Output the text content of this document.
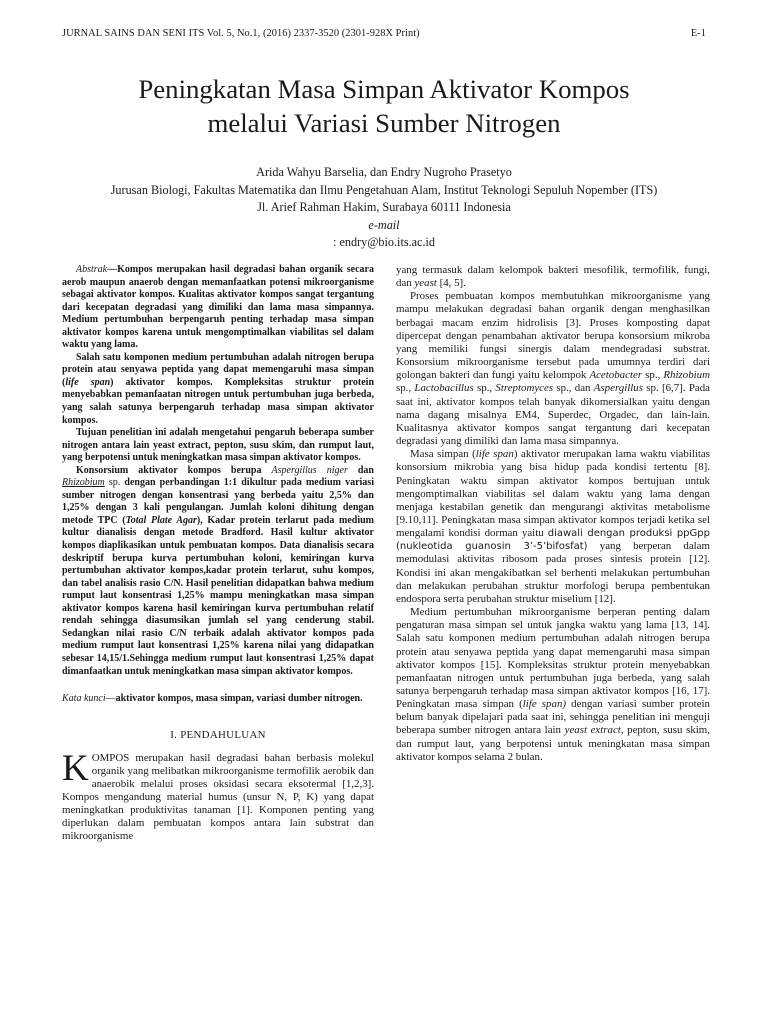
JURNAL SAINS DAN SENI ITS Vol. 5, No.1, (2016) 2337-3520 (2301-928X Print)	E-1
Peningkatan Masa Simpan Aktivator Kompos
melalui Variasi Sumber Nitrogen
Arida Wahyu Barselia, dan Endry Nugroho Prasetyo
Jurusan Biologi, Fakultas Matematika dan Ilmu Pengetahuan Alam, Institut Teknologi Sepuluh Nopember (ITS)
Jl. Arief Rahman Hakim, Surabaya 60111 Indonesia
e-mail
: endry@bio.its.ac.id

Abstrak—Kompos merupakan hasil degradasi bahan organik secara aerob maupun anaerob dengan memanfaatkan potensi mikroorganisme sebagai aktivator kompos. Kualitas aktivator kompos sangat tergantung dari kecepatan degradasi yang dimiliki dan lama masa simpannya. Medium pertumbuhan berpengaruh penting terhadap masa simpan aktivator kompos karena untuk mengomptimalkan viabilitas sel dalam waktu yang lama.

Salah satu komponen medium pertumbuhan adalah nitrogen berupa protein atau senyawa peptida yang dapat memengaruhi masa simpan (life span) aktivator kompos. Kompleksitas struktur protein menyebabkan pemanfaatan nitrogen untuk pertumbuhan juga berbeda, yang salah satunya berpengaruh terhadap masa simpan aktivator kompos.

Tujuan penelitian ini adalah mengetahui pengaruh beberapa sumber nitrogen antara lain yeast extract, pepton, susu skim, dan rumput laut, yang berpotensi untuk meningkatkan masa simpan aktivator kompos.

Konsorsium aktivator kompos berupa Aspergillus niger dan Rhizobium sp. dengan perbandingan 1:1 dikultur pada medium variasi sumber nitrogen dengan konsentrasi yang berbeda yaitu 2,5% dan 1,25% dengan 3 kali pengulangan. Jumlah koloni dihitung dengan metode TPC (Total Plate Agar), Kadar protein terlarut pada medium kultur dianalisis dengan metode Bradford. Hasil kultur aktivator kompos diaplikasikan untuk pembuatan kompos. Data dianalisis secara deskriptif berupa kurva pertumbuhan koloni, kemiringan kurva pertumbuhan aktivator kompos,kadar protein terlarut, suhu kompos, dan tabel analisis rasio C/N. Hasil penelitian didapatkan bahwa medium rumput laut konsentrasi 1,25% mampu meningkatkan masa simpan aktivator kompos karena hasil kemiringan kurva pertumbuhan relatif rendah sehingga diasumsikan jumlah sel yang cenderung stabil. Sedangkan nilai rasio C/N terbaik adalah aktivator kompos pada medium rumput laut konsentrasi 1,25% karena nilai yang didapatkan sebesar 14,15/1.Sehingga medium rumput laut konsentrasi 1,25% dapat dimanfaatkan untuk meningkatkan masa simpan aktivator kompos.

Kata kunci—aktivator kompos, masa simpan, variasi dumber nitrogen.
I. PENDAHULUAN

KOMPOS merupakan hasil degradasi bahan berbasis molekul organik yang melibatkan mikroorganisme termofilik aerobik dan anaerobik melalui proses oksidasi secara eksotermal [1,2,3]. Kompos mengandung material humus (unsur N, P, K) yang dapat meningkatkan produktivitas tanaman [1]. Komponen penting yang diperlukan dalam pembuatan kompos antara lain substrat dan mikroorganisme

yang termasuk dalam kelompok bakteri mesofilik, termofilik, fungi, dan yeast [4, 5].

Proses pembuatan kompos membutuhkan mikroorganisme yang mampu melakukan degradasi bahan organik dengan menghasilkan berbagai macam enzim hidrolisis [3]. Proses komposting dapat dipercepat dengan penambahan aktivator berupa konsorsium mikroba yang memiliki fungsi sinergis dalam mendegradasi substrat. Konsorsium mikroorganisme tersebut pada umumnya terdiri dari golongan bakteri dan fungi yaitu kelompok Acetobacter sp., Rhizobium sp., Lactobacillus sp., Streptomyces sp., dan Aspergillus sp. [6,7]. Pada saat ini, aktivator kompos telah banyak dikomersialkan yaitu dengan nama dagang misalnya EM4, Superdec, Orgadec, dan lain-lain. Kualitasnya aktivator kompos sangat tergantung dari kecepatan degradasi yang dimiliki dan lama masa simpannya.

Masa simpan (life span) aktivator merupakan lama waktu viabilitas konsorsium mikrobia yang bisa hidup pada kondisi tertentu [8]. Peningkatan waktu simpan aktivator kompos bertujuan untuk mengomptimalkan viabilitas sel dalam waktu yang lama dengan menjaga kestabilan genetik dan mengurangi aktivitas metabolisme [9.10,11]. Peningkatan masa simpan aktivator kompos terjadi ketika sel mengalami kondisi dorman yaitu diawali dengan produksi ppGpp (nukleotida guanosin 3’-5’bifosfat) yang berperan dalam memodulasi aktivitas ribosom pada proses sintesis protein [12]. Kondisi ini akan mengakibatkan sel berhenti melakukan pertumbuhan dan melakukan perubahan struktur morfologi berupa pembentukan endospora serta perubahan struktur miselium [12].

Medium pertumbuhan mikroorganisme berperan penting dalam pengaturan masa simpan sel untuk jangka waktu yang lama [13, 14]. Salah satu komponen medium pertumbuhan adalah nitrogen berupa protein atau senyawa peptida yang dapat memengaruhi masa simpan aktivator kompos [15]. Kompleksitas struktur protein menyebabkan pemanfaatan nitrogen untuk pertumbuhan juga berbeda, yang salah satunya berpengaruh terhadap masa simpan aktivator kompos [16, 17]. Peningkatan masa simpan (life span) dengan variasi sumber protein belum banyak dipelajari pada saat ini, sehingga penelitian ini menguji beberapa sumber nitrogen antara lain yeast extract, pepton, susu skim, dan rumput laut, yang berpotensi untuk meningkatan masa simpan aktivator kompos selama 2 bulan.
